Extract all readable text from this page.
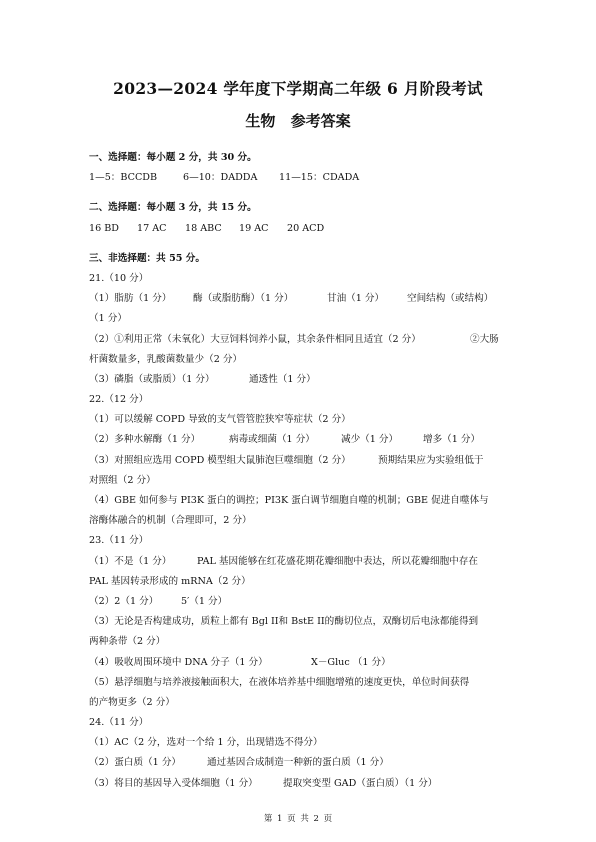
2023—2024 学年度下学期高二年级 6 月阶段考试
生物 参考答案
一、选择题：每小题 2 分，共 30 分。
1—5：BCCDB	6—10：DADDA 11—15：CDADA
二、选择题：每小题 3 分，共 15 分。
16 BD 17 AC 18 ABC 19 AC 20 ACD
三、非选择题：共 55 分。
21.（10 分）
（1）脂肪（1 分） 酶（或脂肪酶）（1 分）	甘油（1 分） 空间结构（或结构）
（1 分）
（2）①利用正常（未氧化）大豆饲料饲养小鼠，其余条件相同且适宜（2 分）	②大肠
杆菌数量多，乳酸菌数量少（2 分）
（3）磷脂（或脂质）（1 分）	通透性（1 分）
22.（12 分）
（1）可以缓解 COPD 导致的支气管管腔狭窄等症状（2 分）
（2）多种水解酶（1 分）	病毒或细菌（1 分）	减少（1 分）	增多（1 分）
（3）对照组应选用 COPD 模型组大鼠肺泡巨噬细胞（2 分）	预期结果应为实验组低于
对照组（2 分）
（4）GBE 如何参与 PI3K 蛋白的调控；PI3K 蛋白调节细胞自噬的机制；GBE 促进自噬体与
溶酶体融合的机制（合理即可，2 分）
23.（11 分）
（1）不是（1 分）	PAL 基因能够在红花盛花期花瓣细胞中表达，所以花瓣细胞中存在
PAL 基因转录形成的 mRNA（2 分）
（2）2（1 分） 5′（1 分）
（3）无论是否构建成功，质粒上都有 Bgl II和 BstE II的酶切位点，双酶切后电泳都能得到
两种条带（2 分）
（4）吸收周围环境中 DNA 分子（1 分）	X－Gluc （1 分）
（5）悬浮细胞与培养液接触面积大，在液体培养基中细胞增殖的速度更快，单位时间获得
的产物更多（2 分）
24.（11 分）
（1）AC（2 分，选对一个给 1 分，出现错选不得分）
（2）蛋白质（1 分）	通过基因合成制造一种新的蛋白质（1 分）
（3）将目的基因导入受体细胞（1 分）	提取突变型 GAD（蛋白质）（1 分）
第 1 页 共 2 页
